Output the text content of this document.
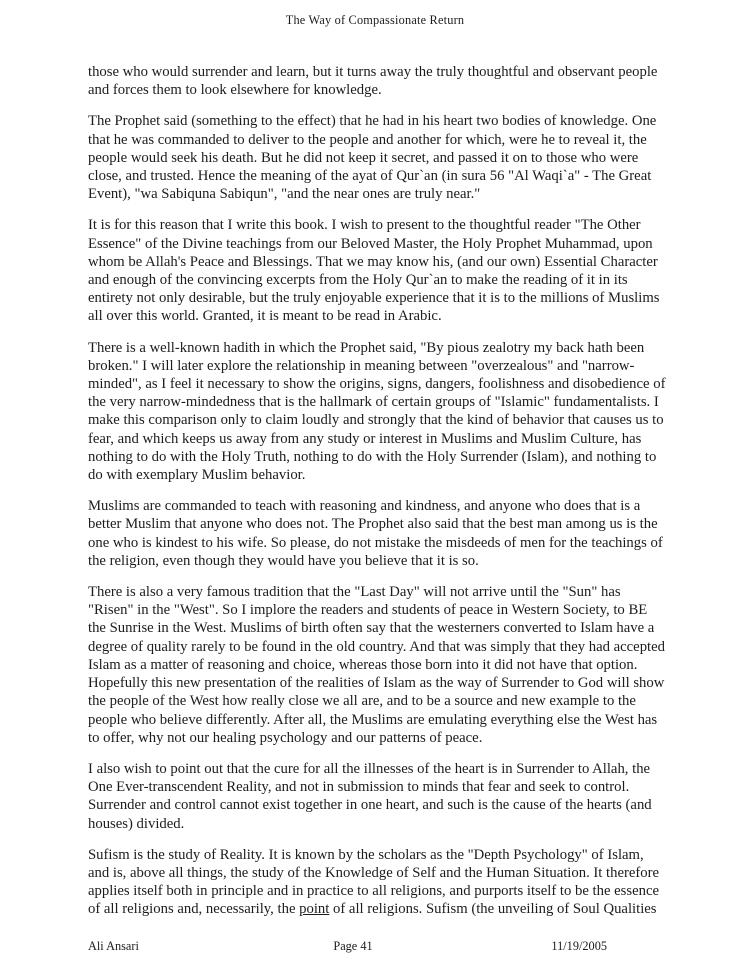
The Way of Compassionate Return

those who would surrender and learn, but it turns away the truly thoughtful and observant people and forces them to look elsewhere for knowledge.

The Prophet said (something to the effect) that he had in his heart two bodies of knowledge. One that he was commanded to deliver to the people and another for which, were he to reveal it, the people would seek his death. But he did not keep it secret, and passed it on to those who were close, and trusted. Hence the meaning of the ayat of Qur`an (in sura 56 "Al Waqi`a" - The Great Event), "wa Sabiquna Sabiqun", "and the near ones are truly near."

It is for this reason that I write this book. I wish to present to the thoughtful reader "The Other Essence" of the Divine teachings from our Beloved Master, the Holy Prophet Muhammad, upon whom be Allah's Peace and Blessings. That we may know his, (and our own) Essential Character and enough of the convincing excerpts from the Holy Qur`an to make the reading of it in its entirety not only desirable, but the truly enjoyable experience that it is to the millions of Muslims all over this world. Granted, it is meant to be read in Arabic.

There is a well-known hadith in which the Prophet said, "By pious zealotry my back hath been broken." I will later explore the relationship in meaning between "overzealous" and "narrow-minded", as I feel it necessary to show the origins, signs, dangers, foolishness and disobedience of the very narrow-mindedness that is the hallmark of certain groups of "Islamic" fundamentalists. I make this comparison only to claim loudly and strongly that the kind of behavior that causes us to fear, and which keeps us away from any study or interest in Muslims and Muslim Culture, has nothing to do with the Holy Truth, nothing to do with the Holy Surrender (Islam), and nothing to do with exemplary Muslim behavior.

Muslims are commanded to teach with reasoning and kindness, and anyone who does that is a better Muslim that anyone who does not. The Prophet also said that the best man among us is the one who is kindest to his wife. So please, do not mistake the misdeeds of men for the teachings of the religion, even though they would have you believe that it is so.

There is also a very famous tradition that the "Last Day" will not arrive until the "Sun" has "Risen" in the "West". So I implore the readers and students of peace in Western Society, to BE the Sunrise in the West. Muslims of birth often say that the westerners converted to Islam have a degree of quality rarely to be found in the old country. And that was simply that they had accepted Islam as a matter of reasoning and choice, whereas those born into it did not have that option. Hopefully this new presentation of the realities of Islam as the way of Surrender to God will show the people of the West how really close we all are, and to be a source and new example to the people who believe differently. After all, the Muslims are emulating everything else the West has to offer, why not our healing psychology and our patterns of peace.

I also wish to point out that the cure for all the illnesses of the heart is in Surrender to Allah, the One Ever-transcendent Reality, and not in submission to minds that fear and seek to control. Surrender and control cannot exist together in one heart, and such is the cause of the hearts (and houses) divided.

Sufism is the study of Reality. It is known by the scholars as the "Depth Psychology" of Islam, and is, above all things, the study of the Knowledge of Self and the Human Situation. It therefore applies itself both in principle and in practice to all religions, and purports itself to be the essence of all religions and, necessarily, the point of all religions. Sufism (the unveiling of Soul Qualities

Ali Ansari	Page 41	11/19/2005
